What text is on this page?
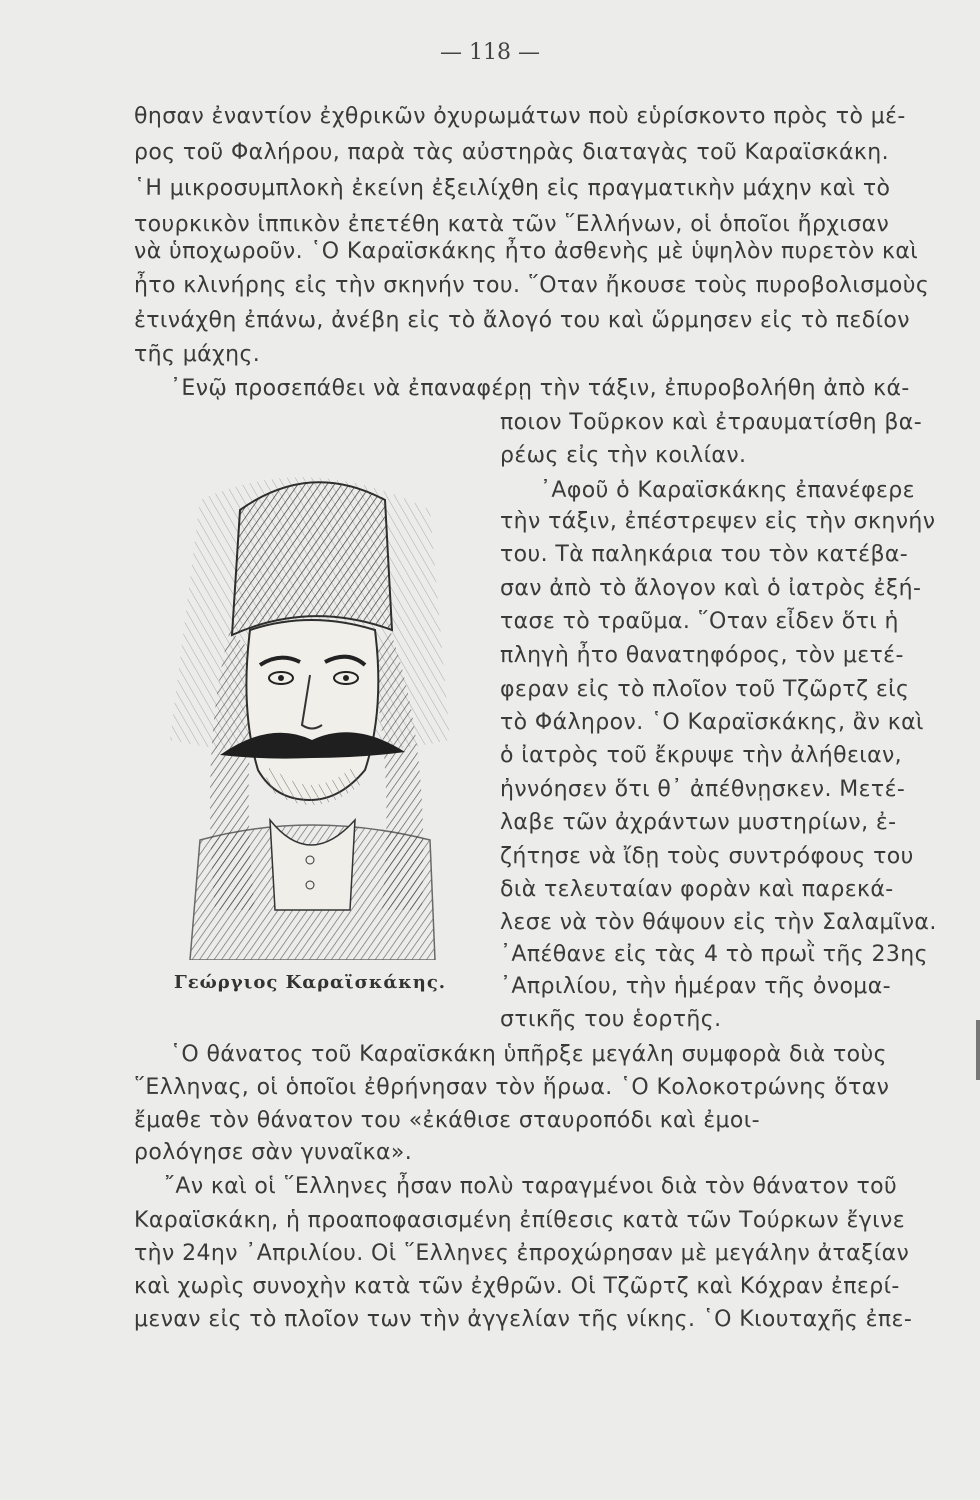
— 118 —
θησαν ἐναντίον ἐχθρικῶν ὀχυρωμάτων ποὺ εὑρίσκοντο πρὸς τὸ μέ-
ρος τοῦ Φαλήρου, παρὰ τὰς αὐστηρὰς διαταγὰς τοῦ Καραϊσκάκη.
῾Η μικροσυμπλοκὴ ἐκείνη ἐξειλίχθη εἰς πραγματικὴν μάχην καὶ τὸ
τουρκικὸν ἱππικὸν ἐπετέθη κατὰ τῶν ῞Ελλήνων, οἱ ὁποῖοι ἤρχισαν
νὰ ὑποχωροῦν. ῾Ο Καραϊσκάκης ἦτο ἀσθενὴς μὲ ὑψηλὸν πυρετὸν καὶ
ἦτο κλινήρης εἰς τὴν σκηνήν του. ῞Οταν ἤκουσε τοὺς πυροβολισμοὺς
ἐτινάχθη ἐπάνω, ἀνέβη εἰς τὸ ἄλογό του καὶ ὥρμησεν εἰς τὸ πεδίον
τῆς μάχης.
᾿Ενῷ προσεπάθει νὰ ἐπαναφέρῃ τὴν τάξιν, ἐπυροβολήθη ἀπὸ κά-
ποιον Τοῦρκον καὶ ἐτραυματίσθη βα-
ρέως εἰς τὴν κοιλίαν.
᾿Αφοῦ ὁ Καραϊσκάκης ἐπανέφερε
τὴν τάξιν, ἐπέστρεψεν εἰς τὴν σκηνήν
του. Τὰ παληκάρια του τὸν κατέβα-
σαν ἀπὸ τὸ ἄλογον καὶ ὁ ἰατρὸς ἐξή-
τασε τὸ τραῦμα. ῞Οταν εἶδεν ὅτι ἡ
πληγὴ ἦτο θανατηφόρος, τὸν μετέ-
φεραν εἰς τὸ πλοῖον τοῦ Τζῶρτζ εἰς
τὸ Φάληρον. ῾Ο Καραϊσκάκης, ἂν καὶ
ὁ ἰατρὸς τοῦ ἔκρυψε τὴν ἀλήθειαν,
ἠννόησεν ὅτι θ᾿ ἀπέθνῃσκεν. Μετέ-
λαβε τῶν ἀχράντων μυστηρίων, ἐ-
ζήτησε νὰ ἴδῃ τοὺς συντρόφους του
διὰ τελευταίαν φορὰν καὶ παρεκά-
λεσε νὰ τὸν θάψουν εἰς τὴν Σαλαμῖνα.
᾿Απέθανε εἰς τὰς 4 τὸ πρωῒ τῆς 23ης
᾿Απριλίου, τὴν ἡμέραν τῆς ὀνομα-
στικῆς του ἑορτῆς.
῾Ο θάνατος τοῦ Καραϊσκάκη ὑπῆρξε μεγάλη συμφορὰ διὰ τοὺς
῞Ελληνας, οἱ ὁποῖοι ἐθρήνησαν τὸν ἥρωα. ῾Ο Κολοκοτρώνης ὅταν
ἔμαθε τὸν θάνατον του «ἐκάθισε σταυροπόδι καὶ ἐμοι-
ρολόγησε σὰν γυναῖκα».
῎Αν καὶ οἱ ῞Ελληνες ἦσαν πολὺ ταραγμένοι διὰ τὸν θάνατον τοῦ
Καραϊσκάκη, ἡ προαποφασισμένη ἐπίθεσις κατὰ τῶν Τούρκων ἔγινε
τὴν 24ην ᾿Απριλίου. Οἱ ῞Ελληνες ἐπροχώρησαν μὲ μεγάλην ἀταξίαν
καὶ χωρὶς συνοχὴν κατὰ τῶν ἐχθρῶν. Οἱ Τζῶρτζ καὶ Κόχραν ἐπερί-
μεναν εἰς τὸ πλοῖον των τὴν ἀγγελίαν τῆς νίκης. ῾Ο Κιουταχῆς ἐπε-
Γεώργιος Καραϊσκάκης.
